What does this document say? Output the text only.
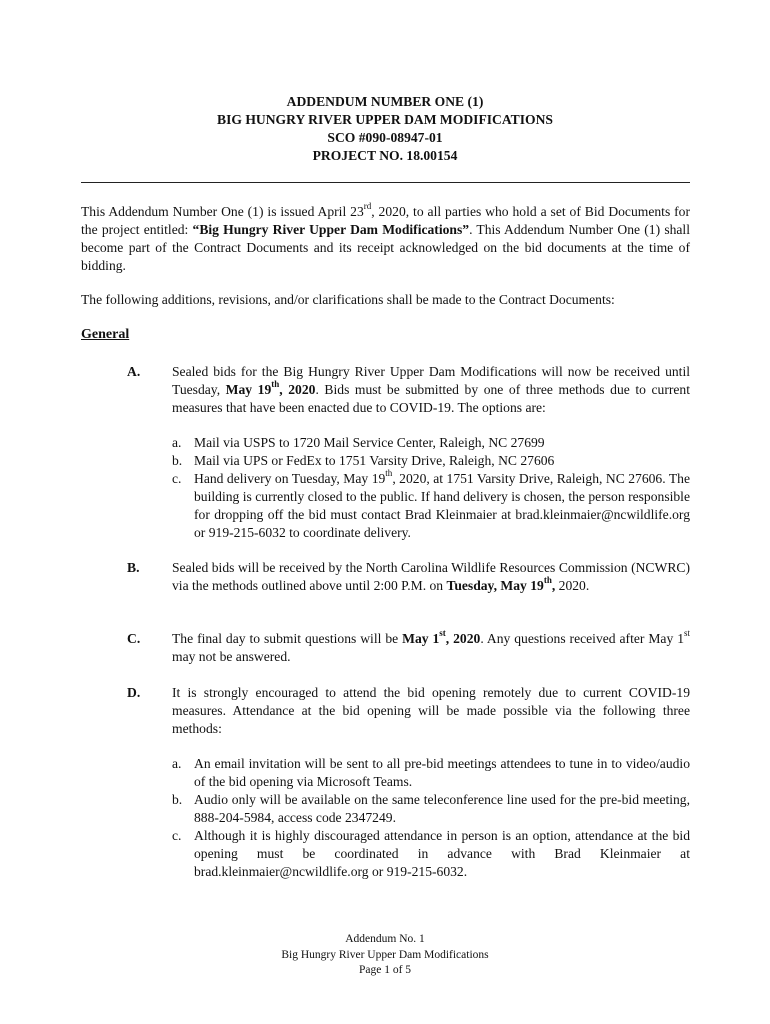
ADDENDUM NUMBER ONE (1)
BIG HUNGRY RIVER UPPER DAM MODIFICATIONS
SCO #090-08947-01
PROJECT NO. 18.00154
This Addendum Number One (1) is issued April 23rd, 2020, to all parties who hold a set of Bid Documents for the project entitled: “Big Hungry River Upper Dam Modifications”. This Addendum Number One (1) shall become part of the Contract Documents and its receipt acknowledged on the bid documents at the time of bidding.
The following additions, revisions, and/or clarifications shall be made to the Contract Documents:
General
A. Sealed bids for the Big Hungry River Upper Dam Modifications will now be received until Tuesday, May 19th, 2020. Bids must be submitted by one of three methods due to current measures that have been enacted due to COVID-19. The options are:
a. Mail via USPS to 1720 Mail Service Center, Raleigh, NC 27699
b. Mail via UPS or FedEx to 1751 Varsity Drive, Raleigh, NC 27606
c. Hand delivery on Tuesday, May 19th, 2020, at 1751 Varsity Drive, Raleigh, NC 27606. The building is currently closed to the public. If hand delivery is chosen, the person responsible for dropping off the bid must contact Brad Kleinmaier at brad.kleinmaier@ncwildlife.org or 919-215-6032 to coordinate delivery.
B. Sealed bids will be received by the North Carolina Wildlife Resources Commission (NCWRC) via the methods outlined above until 2:00 P.M. on Tuesday, May 19th, 2020.
C. The final day to submit questions will be May 1st, 2020. Any questions received after May 1st may not be answered.
D. It is strongly encouraged to attend the bid opening remotely due to current COVID-19 measures. Attendance at the bid opening will be made possible via the following three methods:
a. An email invitation will be sent to all pre-bid meetings attendees to tune in to video/audio of the bid opening via Microsoft Teams.
b. Audio only will be available on the same teleconference line used for the pre-bid meeting, 888-204-5984, access code 2347249.
c. Although it is highly discouraged attendance in person is an option, attendance at the bid opening must be coordinated in advance with Brad Kleinmaier at brad.kleinmaier@ncwildlife.org or 919-215-6032.
Addendum No. 1
Big Hungry River Upper Dam Modifications
Page 1 of 5
